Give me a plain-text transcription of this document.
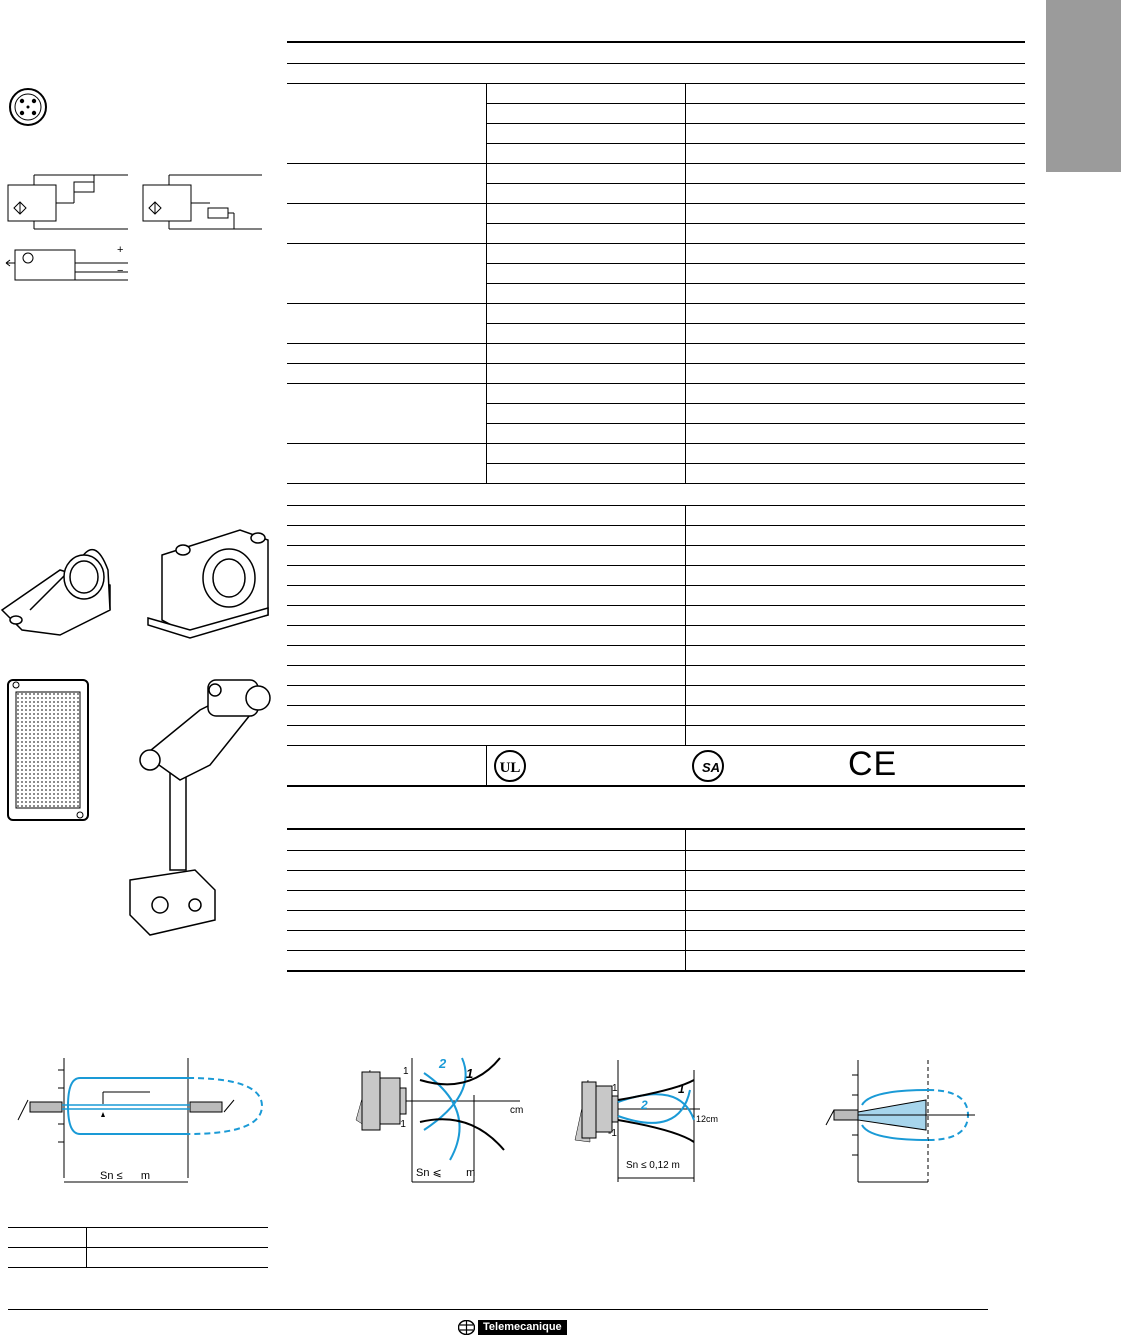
+
−
UL	SA	CE
Sn ≤      m	Sn ⩽        m
Sn ≤ 0,12 m
2
1
1
-1
cm
1
-1
2
1
12cm
Telemecanique
